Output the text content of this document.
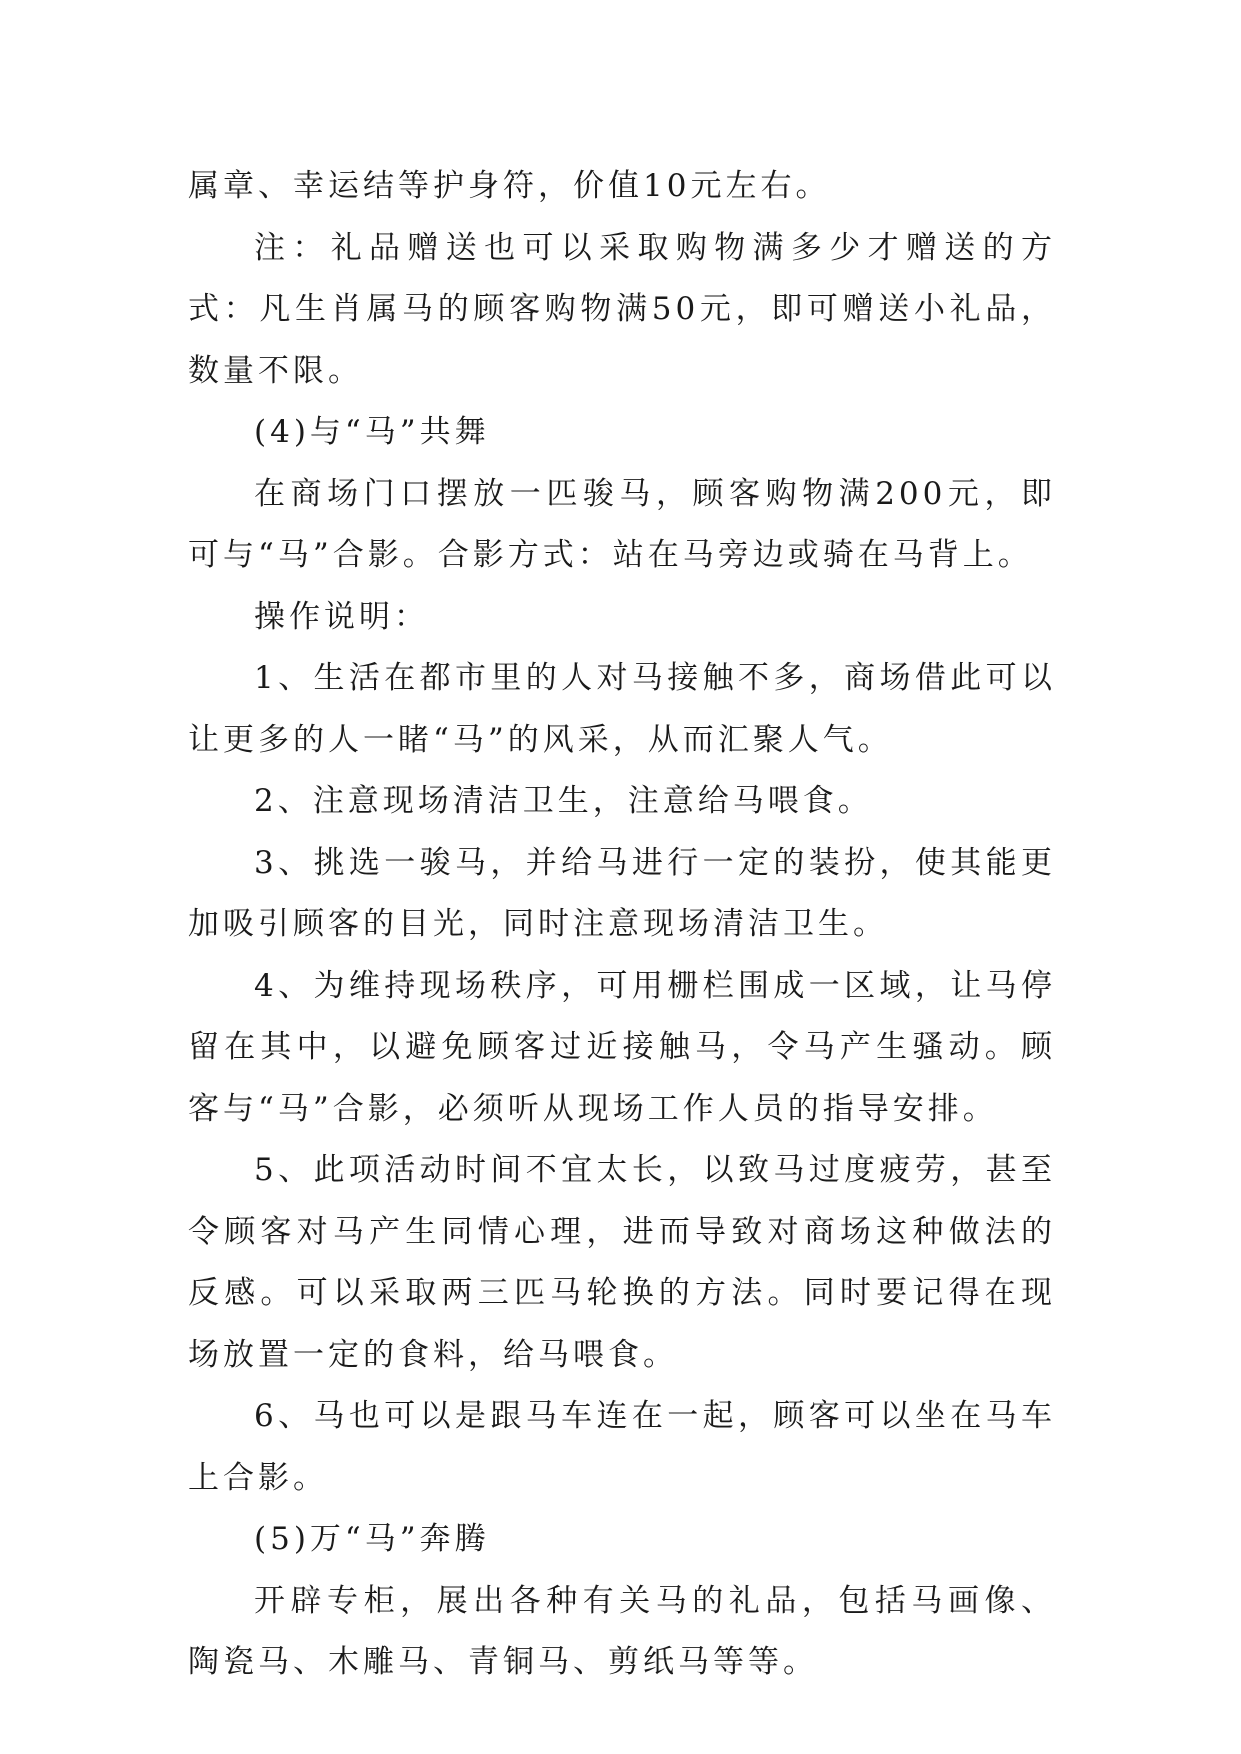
属章、幸运结等护身符，价值10元左右。

注：礼品赠送也可以采取购物满多少才赠送的方式：凡生肖属马的顾客购物满50元，即可赠送小礼品，数量不限。

(4)与“马”共舞

在商场门口摆放一匹骏马，顾客购物满200元，即可与“马”合影。合影方式：站在马旁边或骑在马背上。

操作说明：

1、生活在都市里的人对马接触不多，商场借此可以让更多的人一睹“马”的风采，从而汇聚人气。

2、注意现场清洁卫生，注意给马喂食。

3、挑选一骏马，并给马进行一定的装扮，使其能更加吸引顾客的目光，同时注意现场清洁卫生。

4、为维持现场秩序，可用栅栏围成一区域，让马停留在其中，以避免顾客过近接触马，令马产生骚动。顾客与“马”合影，必须听从现场工作人员的指导安排。

5、此项活动时间不宜太长，以致马过度疲劳，甚至令顾客对马产生同情心理，进而导致对商场这种做法的反感。可以采取两三匹马轮换的方法。同时要记得在现场放置一定的食料，给马喂食。

6、马也可以是跟马车连在一起，顾客可以坐在马车上合影。

(5)万“马”奔腾

开辟专柜，展出各种有关马的礼品，包括马画像、陶瓷马、木雕马、青铜马、剪纸马等等。
